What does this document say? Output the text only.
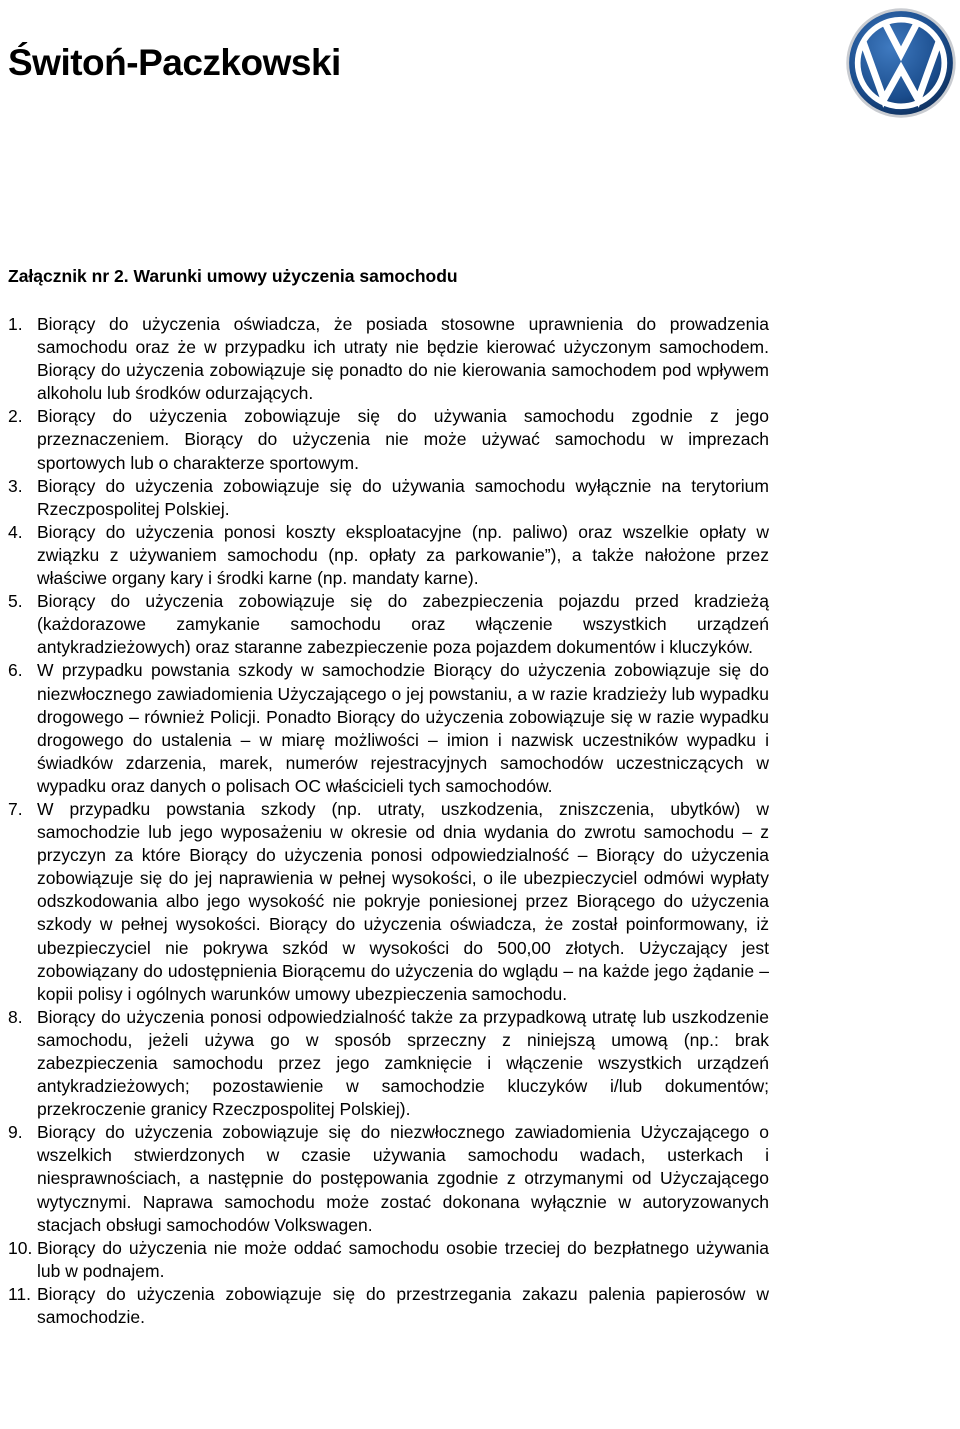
Świtoń-Paczkowski
Załącznik nr 2. Warunki umowy użyczenia samochodu
1. Biorący do użyczenia oświadcza, że posiada stosowne uprawnienia do prowadzenia samochodu oraz że w przypadku ich utraty nie będzie kierować użyczonym samochodem. Biorący do użyczenia zobowiązuje się ponadto do nie kierowania samochodem pod wpływem alkoholu lub środków odurzających.
2. Biorący do użyczenia zobowiązuje się do używania samochodu zgodnie z jego przeznaczeniem. Biorący do użyczenia nie może używać samochodu w imprezach sportowych lub o charakterze sportowym.
3. Biorący do użyczenia zobowiązuje się do używania samochodu wyłącznie na terytorium Rzeczpospolitej Polskiej.
4. Biorący do użyczenia ponosi koszty eksploatacyjne (np. paliwo) oraz wszelkie opłaty w związku z używaniem samochodu (np. opłaty za parkowanie”), a także nałożone przez właściwe organy kary i środki karne (np. mandaty karne).
5. Biorący do użyczenia zobowiązuje się do zabezpieczenia pojazdu przed kradzieżą (każdorazowe zamykanie samochodu oraz włączenie wszystkich urządzeń antykradzieżowych) oraz staranne zabezpieczenie poza pojazdem dokumentów i kluczyków.
6. W przypadku powstania szkody w samochodzie Biorący do użyczenia zobowiązuje się do niezwłocznego zawiadomienia Użyczającego o jej powstaniu, a w razie kradzieży lub wypadku drogowego – również Policji. Ponadto Biorący do użyczenia zobowiązuje się w razie wypadku drogowego do ustalenia – w miarę możliwości – imion i nazwisk uczestników wypadku i świadków zdarzenia, marek, numerów rejestracyjnych samochodów uczestniczących w wypadku oraz danych o polisach OC właścicieli tych samochodów.
7. W przypadku powstania szkody (np. utraty, uszkodzenia, zniszczenia, ubytków) w samochodzie lub jego wyposażeniu w okresie od dnia wydania do zwrotu samochodu – z przyczyn za które Biorący do użyczenia ponosi odpowiedzialność – Biorący do użyczenia zobowiązuje się do jej naprawienia w pełnej wysokości, o ile ubezpieczyciel odmówi wypłaty odszkodowania albo jego wysokość nie pokryje poniesionej przez Biorącego do użyczenia szkody w pełnej wysokości. Biorący do użyczenia oświadcza, że został poinformowany, iż ubezpieczyciel nie pokrywa szkód w wysokości do 500,00 złotych. Użyczający jest zobowiązany do udostępnienia Biorącemu do użyczenia do wglądu – na każde jego żądanie – kopii polisy i ogólnych warunków umowy ubezpieczenia samochodu.
8. Biorący do użyczenia ponosi odpowiedzialność także za przypadkową utratę lub uszkodzenie samochodu, jeżeli używa go w sposób sprzeczny z niniejszą umową (np.: brak zabezpieczenia samochodu przez jego zamknięcie i włączenie wszystkich urządzeń antykradzieżowych; pozostawienie w samochodzie kluczyków i/lub dokumentów; przekroczenie granicy Rzeczpospolitej Polskiej).
9. Biorący do użyczenia zobowiązuje się do niezwłocznego zawiadomienia Użyczającego o wszelkich stwierdzonych w czasie używania samochodu wadach, usterkach i niesprawnościach, a następnie do postępowania zgodnie z otrzymanymi od Użyczającego wytycznymi. Naprawa samochodu może zostać dokonana wyłącznie w autoryzowanych stacjach obsługi samochodów Volkswagen.
10. Biorący do użyczenia nie może oddać samochodu osobie trzeciej do bezpłatnego używania lub w podnajem.
11. Biorący do użyczenia zobowiązuje się do przestrzegania zakazu palenia papierosów w samochodzie.
